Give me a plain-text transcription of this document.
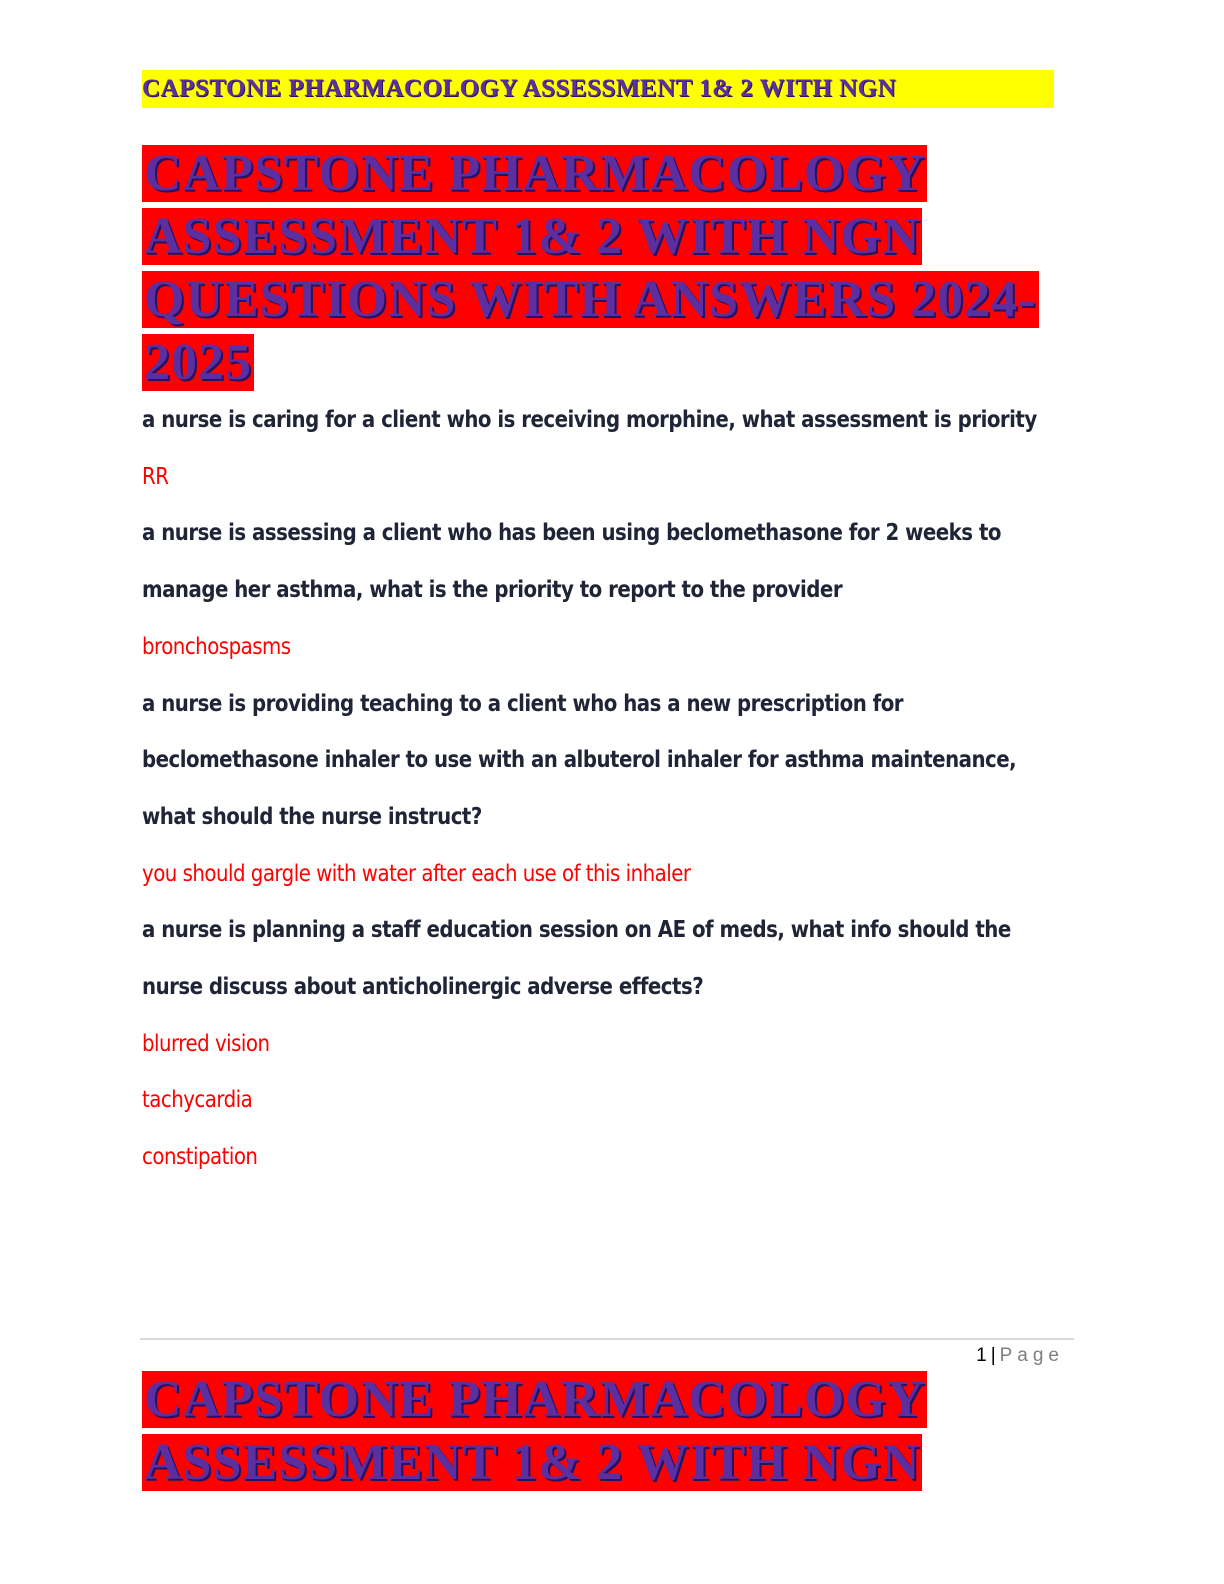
CAPSTONE PHARMACOLOGY ASSESSMENT 1& 2 WITH NGN
CAPSTONE PHARMACOLOGY ASSESSMENT 1& 2 WITH NGN QUESTIONS WITH ANSWERS 2024-2025
a nurse is caring for a client who is receiving morphine, what assessment is priority
RR
a nurse is assessing a client who has been using beclomethasone for 2 weeks to
manage her asthma, what is the priority to report to the provider
bronchospasms
a nurse is providing teaching to a client who has a new prescription for
beclomethasone inhaler to use with an albuterol inhaler for asthma maintenance,
what should the nurse instruct?
you should gargle with water after each use of this inhaler
a nurse is planning a staff education session on AE of meds, what info should the
nurse discuss about anticholinergic adverse effects?
blurred vision
tachycardia
constipation
1 | Page
CAPSTONE PHARMACOLOGY ASSESSMENT 1& 2 WITH NGN
